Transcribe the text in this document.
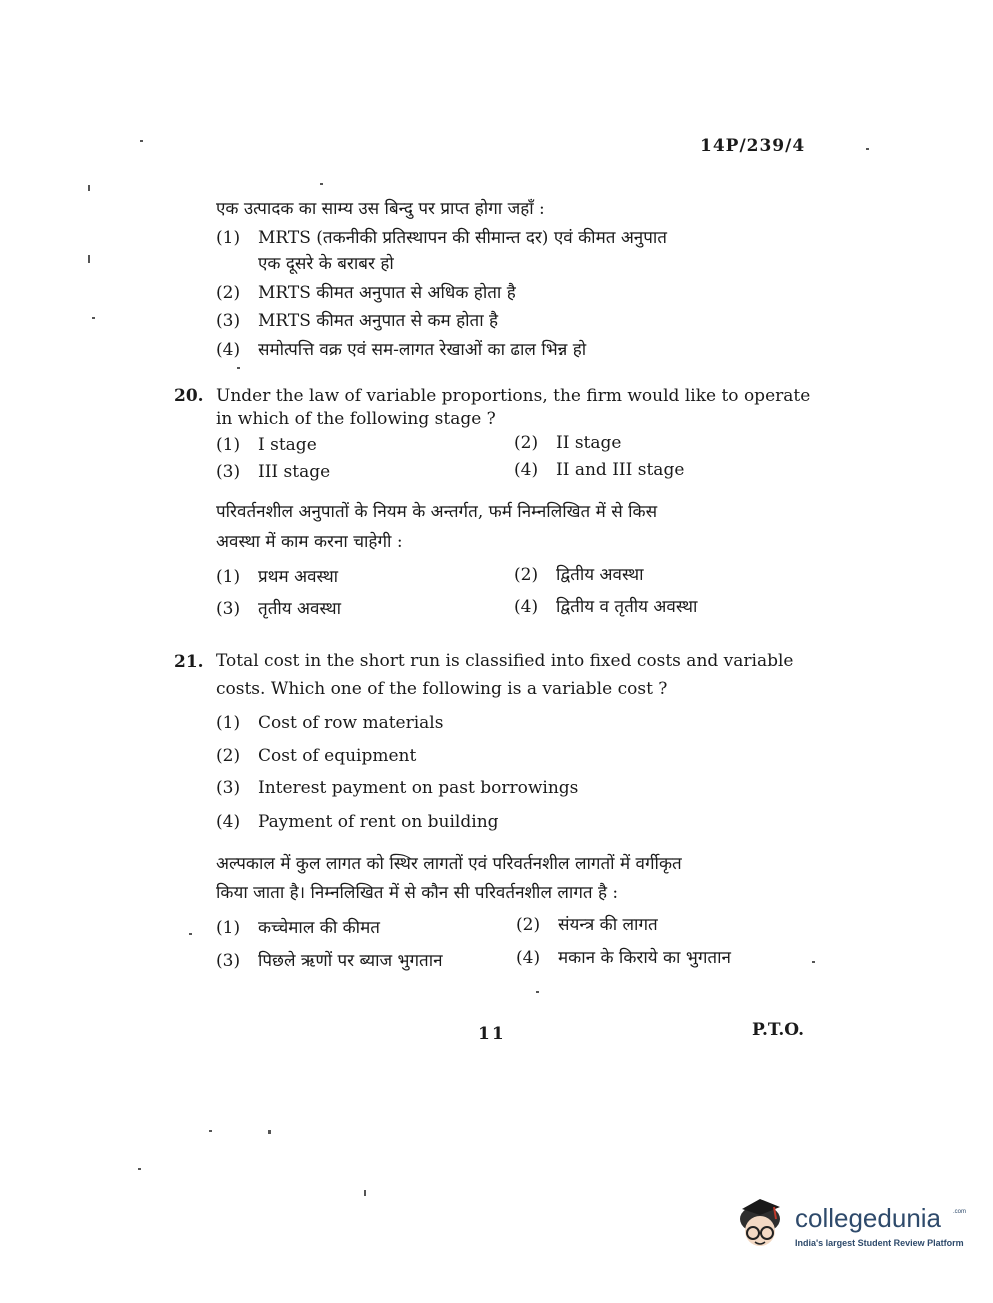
14P/239/4
एक उत्पादक का साम्य उस बिन्दु पर प्राप्त होगा जहाँ :
(1) MRTS (तकनीकी प्रतिस्थापन की सीमान्त दर) एवं कीमत अनुपात
एक दूसरे के बराबर हो
(2) MRTS कीमत अनुपात से अधिक होता है
(3) MRTS कीमत अनुपात से कम होता है
(4) समोत्पत्ति वक्र एवं सम-लागत रेखाओं का ढाल भिन्न हो
20. Under the law of variable proportions, the firm would like to operate
in which of the following stage ?
(1) I stage	(2) II stage
(3) III stage	(4) II and III stage
परिवर्तनशील अनुपातों के नियम के अन्तर्गत, फर्म निम्नलिखित में से किस
अवस्था में काम करना चाहेगी :
(1) प्रथम अवस्था	(2) द्वितीय अवस्था
(3) तृतीय अवस्था	(4) द्वितीय व तृतीय अवस्था
21. Total cost in the short run is classified into fixed costs and variable
costs. Which one of the following is a variable cost ?
(1) Cost of row materials
(2) Cost of equipment
(3) Interest payment on past borrowings
(4) Payment of rent on building
अल्पकाल में कुल लागत को स्थिर लागतों एवं परिवर्तनशील लागतों में वर्गीकृत
किया जाता है। निम्नलिखित में से कौन सी परिवर्तनशील लागत है :
(1) कच्चेमाल की कीमत	(2) संयन्त्र की लागत
(3) पिछले ऋणों पर ब्याज भुगतान	(4) मकान के किराये का भुगतान
11	P.T.O.
collegedunia .com
India's largest Student Review Platform
